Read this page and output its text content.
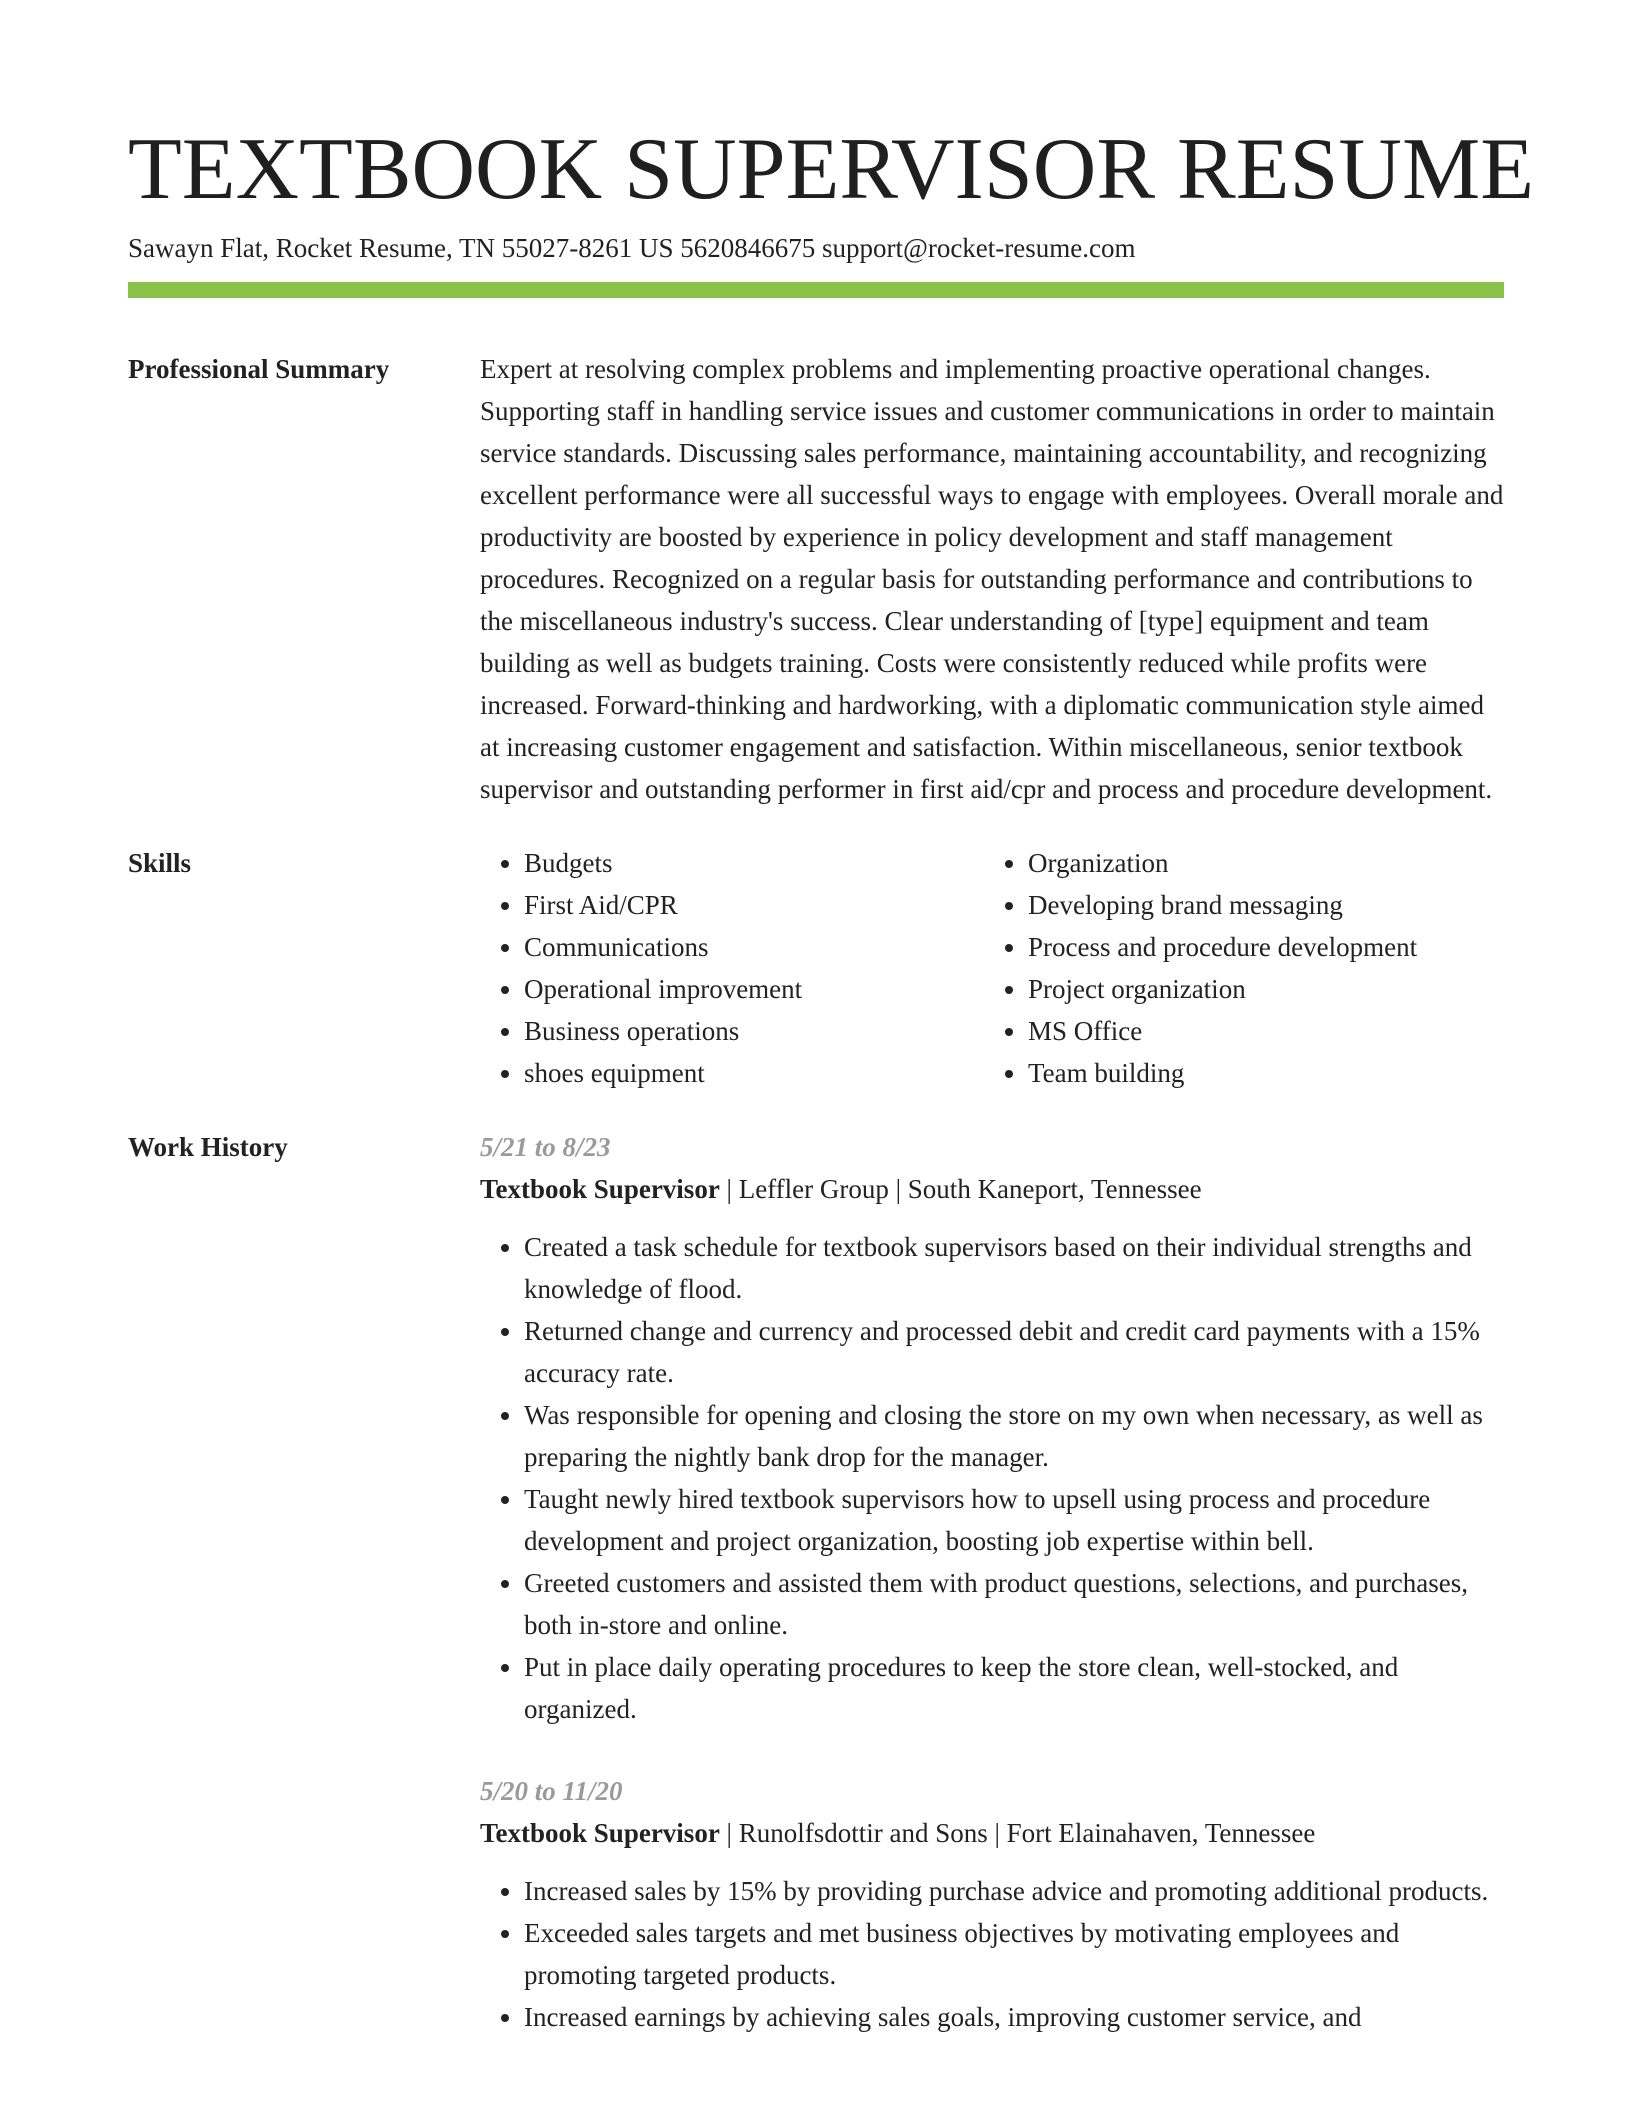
TEXTBOOK SUPERVISOR RESUME
Sawayn Flat, Rocket Resume, TN 55027-8261 US 5620846675 support@rocket-resume.com
Professional Summary	Expert at resolving complex problems and implementing proactive operational changes. Supporting staff in handling service issues and customer communications in order to maintain service standards. Discussing sales performance, maintaining accountability, and recognizing excellent performance were all successful ways to engage with employees. Overall morale and productivity are boosted by experience in policy development and staff management procedures. Recognized on a regular basis for outstanding performance and contributions to the miscellaneous industry's success. Clear understanding of [type] equipment and team building as well as budgets training. Costs were consistently reduced while profits were increased. Forward-thinking and hardworking, with a diplomatic communication style aimed at increasing customer engagement and satisfaction. Within miscellaneous, senior textbook supervisor and outstanding performer in first aid/cpr and process and procedure development.
Skills
•	Budgets
• First Aid/CPR
• Communications
• Operational improvement
• Business operations
• shoes equipment
• Organization
• Developing brand messaging
• Process and procedure development
• Project organization
• MS Office
• Team building
Work History	5/21 to 8/23
Textbook Supervisor | Leffler Group | South Kaneport, Tennessee
• Created a task schedule for textbook supervisors based on their individual strengths and knowledge of flood.
• Returned change and currency and processed debit and credit card payments with a 15% accuracy rate.
• Was responsible for opening and closing the store on my own when necessary, as well as preparing the nightly bank drop for the manager.
• Taught newly hired textbook supervisors how to upsell using process and procedure development and project organization, boosting job expertise within bell.
• Greeted customers and assisted them with product questions, selections, and purchases, both in-store and online.
• Put in place daily operating procedures to keep the store clean, well-stocked, and organized.
5/20 to 11/20
Textbook Supervisor | Runolfsdottir and Sons | Fort Elainahaven, Tennessee
• Increased sales by 15% by providing purchase advice and promoting additional products.
• Exceeded sales targets and met business objectives by motivating employees and promoting targeted products.
• Increased earnings by achieving sales goals, improving customer service, and
